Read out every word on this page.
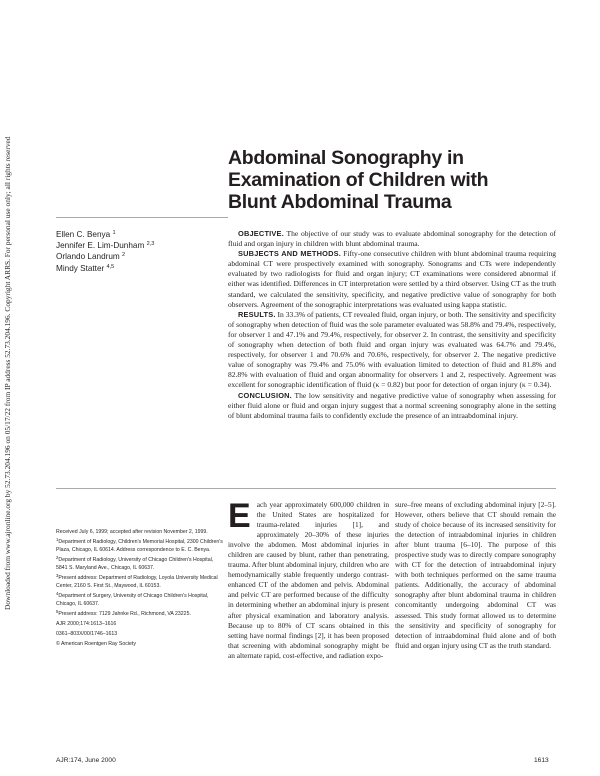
Downloaded from www.ajronline.org by 52.73.204.196 on 05/17/22 from IP address 52.73.204.196. Copyright ARRS. For personal use only; all rights reserved	Abdominal Sonography in
Examination of Children with
Blunt Abdominal Trauma
Ellen C. Benya $^1$
Jennifer E. Lim-Dunham $^{2,3}$
Orlando Landrum $^2$
Mindy Statter $^{4,5}$

OBJECTIVE. The objective of our study was to evaluate abdominal sonography for the detection of fluid and organ injury in children with blunt abdominal trauma.

SUBJECTS AND METHODS. Fifty-one consecutive children with blunt abdominal trauma requiring abdominal CT were prospectively examined with sonography. Sonograms and CTs were independently evaluated by two radiologists for fluid and organ injury; CT examinations were considered abnormal if either was identified. Differences in CT interpretation were settled by a third observer. Using CT as the truth standard, we calculated the sensitivity, specificity, and negative predictive value of sonography for both observers. Agreement of the sonographic interpretations was evaluated using kappa statistic.

RESULTS. In 33.3% of patients, CT revealed fluid, organ injury, or both. The sensitivity and specificity of sonography when detection of fluid was the sole parameter evaluated was 58.8% and 79.4%, respectively, for observer 1 and 47.1% and 79.4%, respectively, for observer 2. In contrast, the sensitivity and specificity of sonography when detection of both fluid and organ injury was evaluated was 64.7% and 79.4%, respectively, for observer 1 and 70.6% and 70.6%, respectively, for observer 2. The negative predictive value of sonography was 79.4% and 75.0% with evaluation limited to detection of fluid and 81.8% and 82.8% with evaluation of fluid and organ abnormality for observers 1 and 2, respectively. Agreement was excellent for sonographic identification of fluid (κ = 0.82) but poor for detection of organ injury (κ = 0.34).

CONCLUSION. The low sensitivity and negative predictive value of sonography when assessing for either fluid alone or fluid and organ injury suggest that a normal screening sonography alone in the setting of blunt abdominal trauma fails to confidently exclude the presence of an intraabdominal injury.

Received July 6, 1999; accepted after revision November 2, 1999.

$^1$Department of Radiology, Children's Memorial Hospital, 2300 Children's Plaza, Chicago, IL 60614. Address correspondence to E. C. Benya.

$^2$Department of Radiology, University of Chicago Children's Hospital, 5841 S. Maryland Ave., Chicago, IL 60637.

$^3$Present address: Department of Radiology, Loyola University Medical Center, 2160 S. First St., Maywood, IL 60153.

$^4$Department of Surgery, University of Chicago Children's Hospital, Chicago, IL 60637.

$^5$Present address: 7129 Jahnke Rd., Richmond, VA 23225.

AJR 2000;174:1613–1616

0361–803X/00/1746–1613

© American Roentgen Ray Society

Each year approximately 600,000 children in the United States are hospitalized for trauma-related injuries [1], and approximately 20–30% of these injuries involve the abdomen. Most abdominal injuries in children are caused by blunt, rather than penetrating, trauma. After blunt abdominal injury, children who are hemodynamically stable frequently undergo contrast-enhanced CT of the abdomen and pelvis. Abdominal and pelvic CT are performed because of the difficulty in determining whether an abdominal injury is present after physical examination and laboratory analysis. Because up to 80% of CT scans obtained in this setting have normal findings [2], it has been proposed that screening with abdominal sonography might be an alternate rapid, cost-effective, and radiation expo-

sure–free means of excluding abdominal injury [2–5]. However, others believe that CT should remain the study of choice because of its increased sensitivity for the detection of intraabdominal injuries in children after blunt trauma [6–10]. The purpose of this prospective study was to directly compare sonography with CT for the detection of intraabdominal injury with both techniques performed on the same trauma patients. Additionally, the accuracy of abdominal sonography after blunt abdominal trauma in children concomitantly undergoing abdominal CT was assessed. This study format allowed us to determine the sensitivity and specificity of sonography for detection of intraabdominal fluid alone and of both fluid and organ injury using CT as the truth standard.

AJR:174, June 2000	1613
